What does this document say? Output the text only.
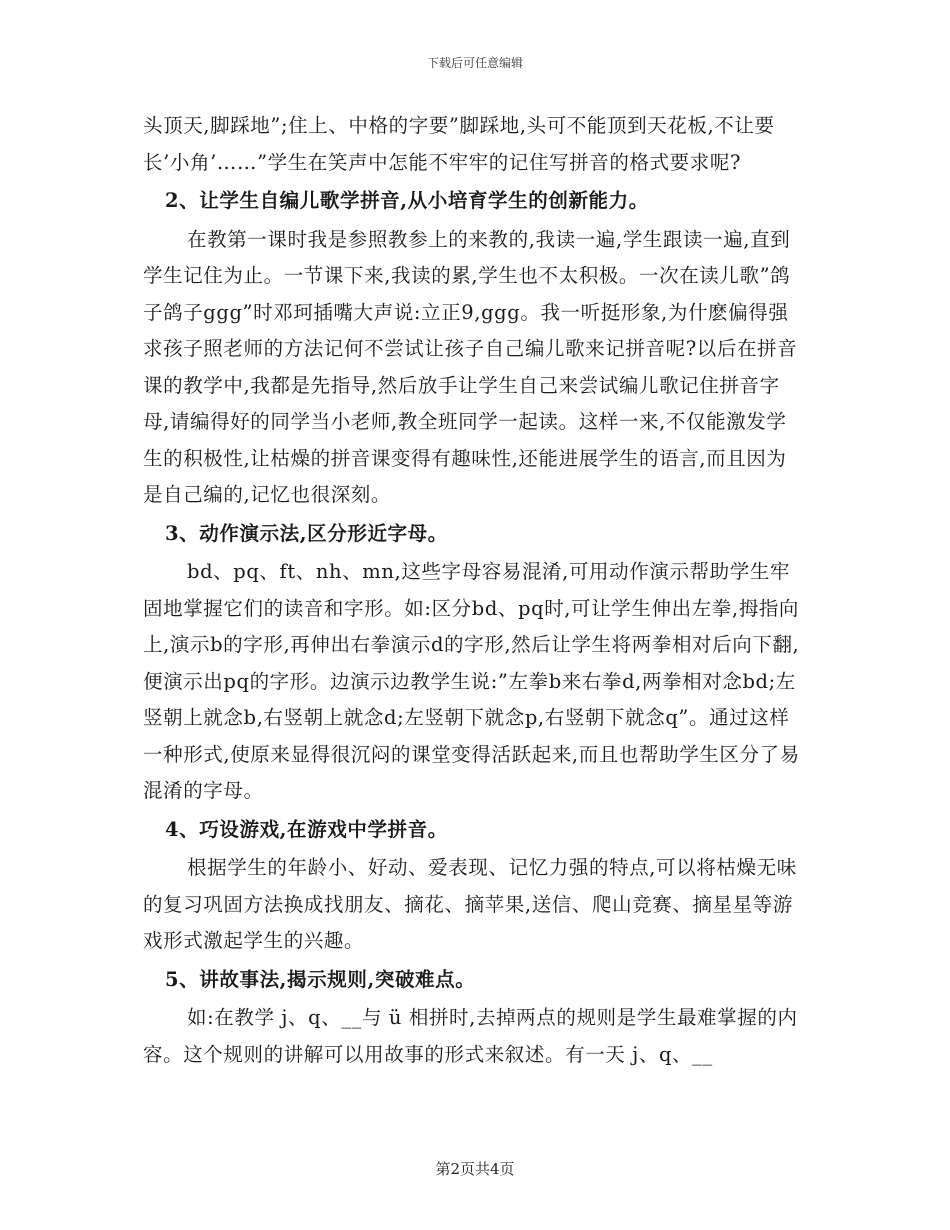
下载后可任意编辑

头顶天,脚踩地”;住上、中格的字要”脚踩地,头可不能顶到天花板,不让要长’小角’……”学生在笑声中怎能不牢牢的记住写拼音的格式要求呢?

2、让学生自编儿歌学拼音,从小培育学生的创新能力。

在教第一课时我是参照教参上的来教的,我读一遍,学生跟读一遍,直到学生记住为止。一节课下来,我读的累,学生也不太积极。一次在读儿歌”鸽子鸽子ggg”时邓珂插嘴大声说:立正9,ggg。我一听挺形象,为什麽偏得强求孩子照老师的方法记何不尝试让孩子自己编儿歌来记拼音呢?以后在拼音课的教学中,我都是先指导,然后放手让学生自己来尝试编儿歌记住拼音字母,请编得好的同学当小老师,教全班同学一起读。这样一来,不仅能激发学生的积极性,让枯燥的拼音课变得有趣味性,还能进展学生的语言,而且因为是自己编的,记忆也很深刻。

3、动作演示法,区分形近字母。

bd、pq、ft、nh、mn,这些字母容易混淆,可用动作演示帮助学生牢固地掌握它们的读音和字形。如:区分bd、pq时,可让学生伸出左拳,拇指向上,演示b的字形,再伸出右拳演示d的字形,然后让学生将两拳相对后向下翻,便演示出pq的字形。边演示边教学生说:”左拳b来右拳d,两拳相对念bd;左竖朝上就念b,右竖朝上就念d;左竖朝下就念p,右竖朝下就念q”。通过这样一种形式,使原来显得很沉闷的课堂变得活跃起来,而且也帮助学生区分了易混淆的字母。

4、巧设游戏,在游戏中学拼音。

根据学生的年龄小、好动、爱表现、记忆力强的特点,可以将枯燥无味的复习巩固方法换成找朋友、摘花、摘苹果,送信、爬山竞赛、摘星星等游戏形式激起学生的兴趣。

5、讲故事法,揭示规则,突破难点。

如:在教学 j、q、__与 ü 相拼时,去掉两点的规则是学生最难掌握的内容。这个规则的讲解可以用故事的形式来叙述。有一天 j、q、__

第2页共4页
